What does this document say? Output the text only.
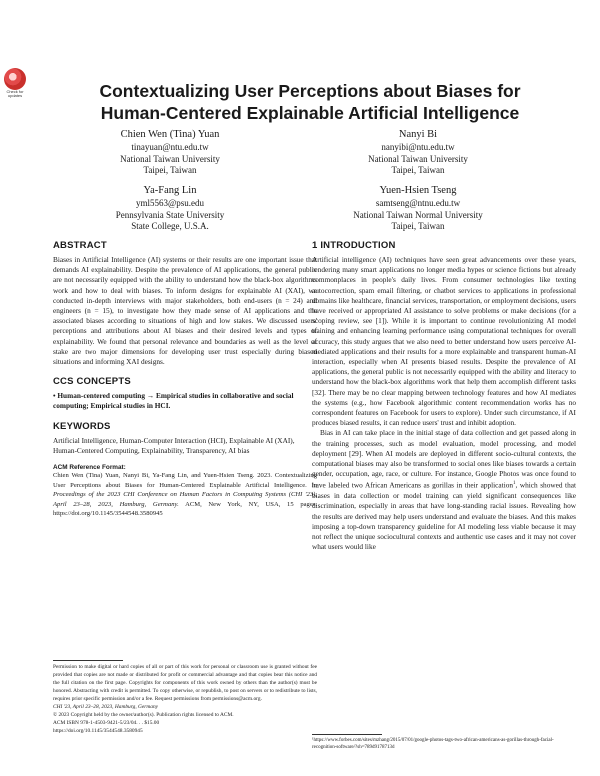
Check for updates	Contextualizing User Perceptions about Biases for
Human-Centered Explainable Artificial Intelligence
Chien Wen (Tina) Yuan
tinayuan@ntu.edu.tw
National Taiwan University
Taipei, Taiwan
Nanyi Bi
nanyibi@ntu.edu.tw
National Taiwan University
Taipei, Taiwan
Ya-Fang Lin
yml5563@psu.edu
Pennsylvania State University
State College, U.S.A.
Yuen-Hsien Tseng
samtseng@ntnu.edu.tw
National Taiwan Normal University
Taipei, Taiwan
ABSTRACT

Biases in Artificial Intelligence (AI) systems or their results are one important issue that demands AI explainability. Despite the prevalence of AI applications, the general public are not necessarily equipped with the ability to understand how the black-box algorithms work and how to deal with biases. To inform designs for explainable AI (XAI), we conducted in-depth interviews with major stakeholders, both end-users (n = 24) and engineers (n = 15), to investigate how they made sense of AI applications and the associated biases according to situations of high and low stakes. We discussed users' perceptions and attributions about AI biases and their desired levels and types of explainability. We found that personal relevance and boundaries as well as the level of stake are two major dimensions for developing user trust especially during biased situations and informing XAI designs.

CCS CONCEPTS

• Human-centered computing → Empirical studies in collaborative and social computing; Empirical studies in HCI.

KEYWORDS

Artificial Intelligence, Human-Computer Interaction (HCI), Explainable AI (XAI), Human-Centered Computing, Explainability, Transparency, AI bias

ACM Reference Format:

Chien Wen (Tina) Yuan, Nanyi Bi, Ya-Fang Lin, and Yuen-Hsien Tseng. 2023. Contextualizing User Perceptions about Biases for Human-Centered Explainable Artificial Intelligence. In Proceedings of the 2023 CHI Conference on Human Factors in Computing Systems (CHI '23), April 23–28, 2023, Hamburg, Germany. ACM, New York, NY, USA, 15 pages. https://doi.org/10.1145/3544548.3580945

Permission to make digital or hard copies of all or part of this work for personal or classroom use is granted without fee provided that copies are not made or distributed for profit or commercial advantage and that copies bear this notice and the full citation on the first page. Copyrights for components of this work owned by others than the author(s) must be honored. Abstracting with credit is permitted. To copy otherwise, or republish, to post on servers or to redistribute to lists, requires prior specific permission and/or a fee. Request permissions from permissions@acm.org.
CHI '23, April 23–28, 2023, Hamburg, Germany
© 2023 Copyright held by the owner/author(s). Publication rights licensed to ACM.
ACM ISBN 978-1-4503-9421-5/23/04. . . $15.00
https://doi.org/10.1145/3544548.3580945
1 INTRODUCTION

Artificial intelligence (AI) techniques have seen great advancements over these years, rendering many smart applications no longer media hypes or science fictions but already commonplaces in people's daily lives. From consumer technologies like texting autocorrection, spam email filtering, or chatbot services to applications in professional domains like healthcare, financial services, transportation, or employment decisions, users have received or appropriated AI assistance to solve problems or make decisions (for a scoping review, see [1]). While it is important to continue revolutionizing AI model training and enhancing learning performance using computational techniques for overall accuracy, this study argues that we also need to better understand how users perceive AI-mediated applications and their results for a more explainable and transparent human-AI interaction, especially when AI presents biased results. Despite the prevalence of AI applications, the general public is not necessarily equipped with the ability and literacy to understand how the black-box algorithms work that help them accomplish different tasks [32]. There may be no clear mapping between technology features and how AI mediates the systems (e.g., how Facebook algorithmic content recommendation works has no correspondent features on Facebook for users to explore). Under such circumstance, if AI produces biased results, it can reduce users' trust and inhibit adoption.

Bias in AI can take place in the initial stage of data collection and get passed along in the training processes, such as model evaluation, model processing, and model deployment [29]. When AI models are deployed in different socio-cultural contexts, the computational biases may also be transformed to social ones like biases towards a certain gender, occupation, age, race, or culture. For instance, Google Photos was once found to have labeled two African Americans as gorillas in their application$^1$, which showed that biases in data collection or model training can yield significant consequences like discrimination, especially in areas that have long-standing racial issues. Revealing how the results are derived may help users understand and evaluate the biases. And this makes imposing a top-down transparency guideline for AI modeling less viable because it may not reflect the unique sociocultural contexts and authentic use cases and it may not cover what users would like

¹https://www.forbes.com/sites/mzhang/2015/07/01/google-photos-tags-two-african-americans-as-gorillas-through-facial-recognition-software/?sh=789d9178713d
